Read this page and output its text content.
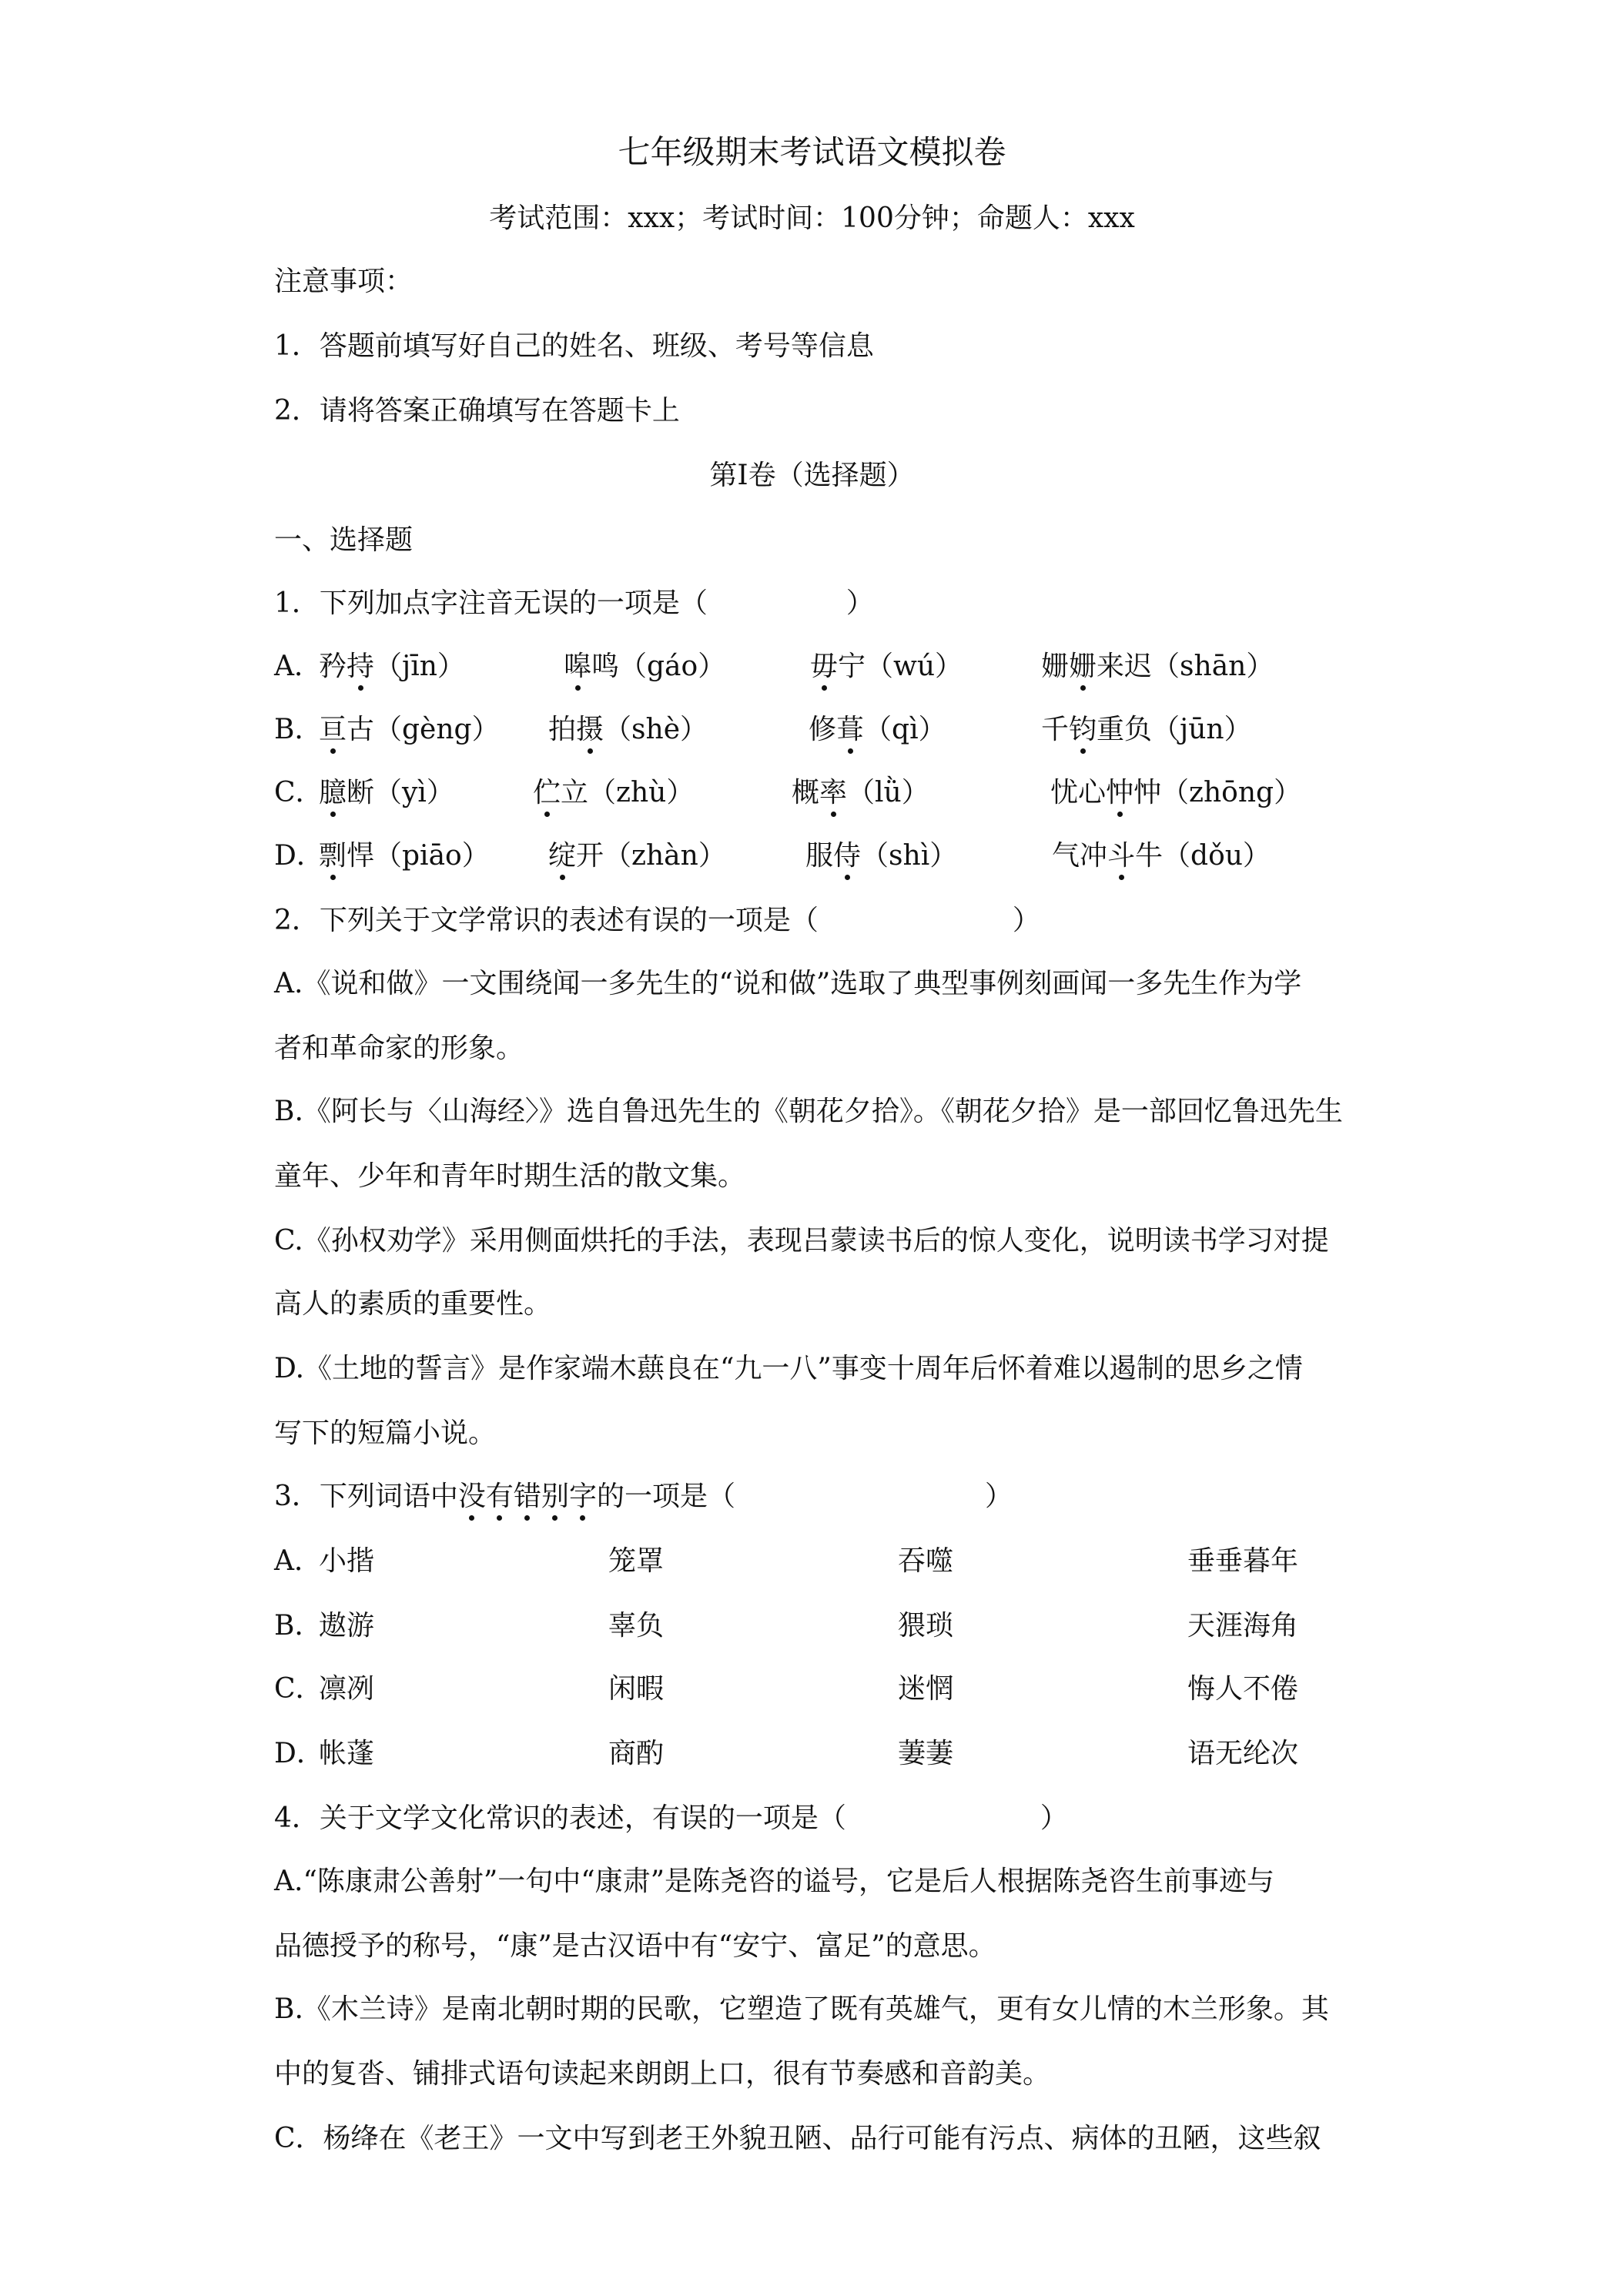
七年级期末考试语文模拟卷
考试范围：xxx；考试时间：100分钟；命题人：xxx
注意事项：
1．答题前填写好自己的姓名、班级、考号等信息
2．请将答案正确填写在答题卡上
第I卷（选择题）
一、选择题
1．下列加点字注音无误的一项是（　　　　　）
A．
矜持（jīn）	嗥鸣（gáo）	毋宁（wú）	姗姗来迟（shān）
B．
亘古（gèng） 拍摄（shè）	修葺（qì）	千钧重负（jūn）
C．
臆断（yì）	伫立（zhù）	概率（lǜ）	忧心忡忡（zhōng）
D．
剽悍（piāo） 绽开（zhàn）	服侍（shì）	气冲斗牛（dǒu）
2．下列关于文学常识的表述有误的一项是（　　　　　　　）
A.《说和做》一文围绕闻一多先生的“说和做”选取了典型事例刻画闻一多先生作为学
者和革命家的形象。
B.《阿长与〈山海经〉》选自鲁迅先生的《朝花夕拾》。《朝花夕拾》是一部回忆鲁迅先生
童年、少年和青年时期生活的散文集。
C.《孙权劝学》采用侧面烘托的手法，表现吕蒙读书后的惊人变化，说明读书学习对提
高人的素质的重要性。
D.《土地的誓言》是作家端木蕻良在“九一八”事变十周年后怀着难以遏制的思乡之情
写下的短篇小说。
3．下列词语中没有错别字的一项是（　　　　　　　　　）
A．
小揩	笼罩	吞噬	垂垂暮年
B．
遨游	辜负	猥琐	天涯海角
C．
凛冽	闲暇	迷惘	悔人不倦
D．
帐蓬	商酌	萋萋	语无纶次
4．关于文学文化常识的表述，有误的一项是（　　　　　　　）
A.“陈康肃公善射”一句中“康肃”是陈尧咨的谥号，它是后人根据陈尧咨生前事迹与
品德授予的称号，“康”是古汉语中有“安宁、富足”的意思。
B.《木兰诗》是南北朝时期的民歌，它塑造了既有英雄气，更有女儿情的木兰形象。其
中的复沓、铺排式语句读起来朗朗上口，很有节奏感和音韵美。
C．杨绛在《老王》一文中写到老王外貌丑陋、品行可能有污点、病体的丑陋，这些叙
